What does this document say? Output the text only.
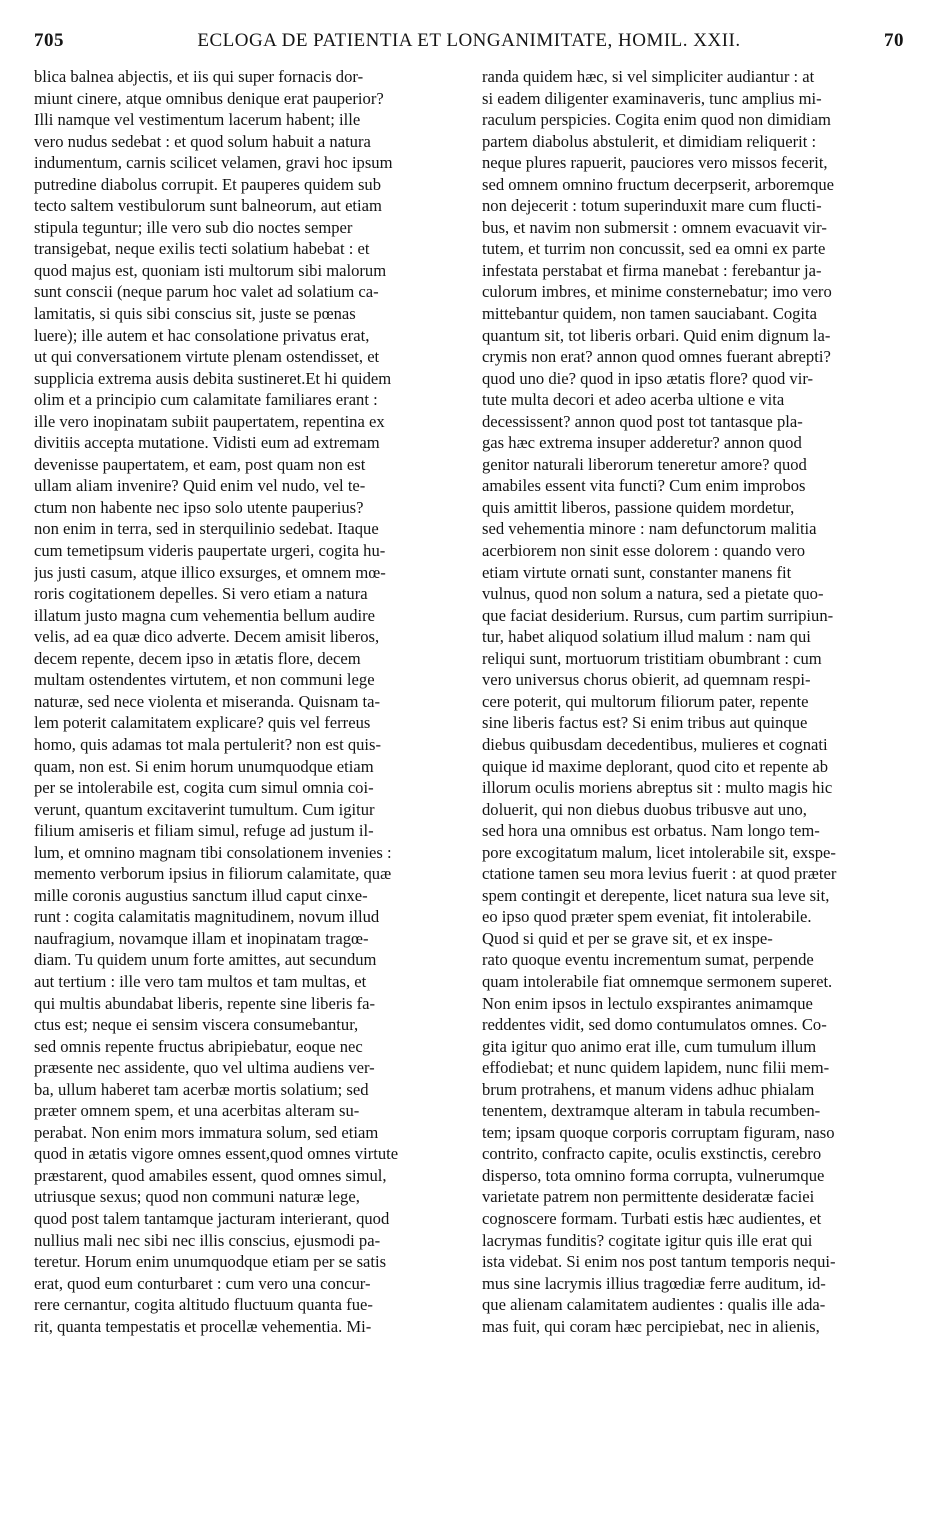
705	ECLOGA DE PATIENTIA ET LONGANIMITATE, HOMIL. XXII.	70
blica balnea abjectis, et iis qui super fornacis dor-
miunt cinere, atque omnibus denique erat pauperior?
Illi namque vel vestimentum lacerum habent; ille
vero nudus sedebat : et quod solum habuit a natura
indumentum, carnis scilicet velamen, gravi hoc ipsum
putredine diabolus corrupit. Et pauperes quidem sub
tecto saltem vestibulorum sunt balneorum, aut etiam
stipula teguntur; ille vero sub dio noctes semper
transigebat, neque exilis tecti solatium habebat : et
quod majus est, quoniam isti multorum sibi malorum
sunt conscii (neque parum hoc valet ad solatium ca-
lamitatis, si quis sibi conscius sit, juste se pœnas
luere); ille autem et hac consolatione privatus erat,
ut qui conversationem virtute plenam ostendisset, et
supplicia extrema ausis debita sustineret.Et hi quidem
olim et a principio cum calamitate familiares erant :
ille vero inopinatam subiit paupertatem, repentina ex
divitiis accepta mutatione. Vidisti eum ad extremam
devenisse paupertatem, et eam, post quam non est
ullam aliam invenire? Quid enim vel nudo, vel te-
ctum non habente nec ipso solo utente pauperius?
non enim in terra, sed in sterquilinio sedebat. Itaque
cum temetipsum videris paupertate urgeri, cogita hu-
jus justi casum, atque illico exsurges, et omnem mœ-
roris cogitationem depelles. Si vero etiam a natura
illatum justo magna cum vehementia bellum audire
velis, ad ea quæ dico adverte. Decem amisit liberos,
decem repente, decem ipso in ætatis flore, decem
multam ostendentes virtutem, et non communi lege
naturæ, sed nece violenta et miseranda. Quisnam ta-
lem poterit calamitatem explicare? quis vel ferreus
homo, quis adamas tot mala pertulerit? non est quis-
quam, non est. Si enim horum unumquodque etiam
per se intolerabile est, cogita cum simul omnia coi-
verunt, quantum excitaverint tumultum. Cum igitur
filium amiseris et filiam simul, refuge ad justum il-
lum, et omnino magnam tibi consolationem invenies :
memento verborum ipsius in filiorum calamitate, quæ
mille coronis augustius sanctum illud caput cinxe-
runt : cogita calamitatis magnitudinem, novum illud
naufragium, novamque illam et inopinatam tragœ-
diam. Tu quidem unum forte amittes, aut secundum
aut tertium : ille vero tam multos et tam multas, et
qui multis abundabat liberis, repente sine liberis fa-
ctus est; neque ei sensim viscera consumebantur,
sed omnis repente fructus abripiebatur, eoque nec
præsente nec assidente, quo vel ultima audiens ver-
ba, ullum haberet tam acerbæ mortis solatium; sed
præter omnem spem, et una acerbitas alteram su-
perabat. Non enim mors immatura solum, sed etiam
quod in ætatis vigore omnes essent,quod omnes virtute
præstarent, quod amabiles essent, quod omnes simul,
utriusque sexus; quod non communi naturæ lege,
quod post talem tantamque jacturam interierant, quod
nullius mali nec sibi nec illis conscius, ejusmodi pa-
teretur. Horum enim unumquodque etiam per se satis
erat, quod eum conturbaret : cum vero una concur-
rere cernantur, cogita altitudo fluctuum quanta fue-
rit, quanta tempestatis et procellæ vehementia. Mi-
randa quidem hæc, si vel simpliciter audiantur : at
si eadem diligenter examinaveris, tunc amplius mi-
raculum perspicies. Cogita enim quod non dimidiam
partem diabolus abstulerit, et dimidiam reliquerit :
neque plures rapuerit, pauciores vero missos fecerit,
sed omnem omnino fructum decerpserit, arboremque
non dejecerit : totum superinduxit mare cum flucti-
bus, et navim non submersit : omnem evacuavit vir-
tutem, et turrim non concussit, sed ea omni ex parte
infestata perstabat et firma manebat : ferebantur ja-
culorum imbres, et minime consternebatur; imo vero
mittebantur quidem, non tamen sauciabant. Cogita
quantum sit, tot liberis orbari. Quid enim dignum la-
crymis non erat? annon quod omnes fuerant abrepti?
quod uno die? quod in ipso ætatis flore? quod vir-
tute multa decori et adeo acerba ultione e vita
decessissent? annon quod post tot tantasque pla-
gas hæc extrema insuper adderetur? annon quod
genitor naturali liberorum teneretur amore? quod
amabiles essent vita functi? Cum enim improbos
quis amittit liberos, passione quidem mordetur,
sed vehementia minore : nam defunctorum malitia
acerbiorem non sinit esse dolorem : quando vero
etiam virtute ornati sunt, constanter manens fit
vulnus, quod non solum a natura, sed a pietate quo-
que faciat desiderium. Rursus, cum partim surripiun-
tur, habet aliquod solatium illud malum : nam qui
reliqui sunt, mortuorum tristitiam obumbrant : cum
vero universus chorus obierit, ad quemnam respi-
cere poterit, qui multorum filiorum pater, repente
sine liberis factus est? Si enim tribus aut quinque
diebus quibusdam decedentibus, mulieres et cognati
quique id maxime deplorant, quod cito et repente ab
illorum oculis moriens abreptus sit : multo magis hic
doluerit, qui non diebus duobus tribusve aut uno,
sed hora una omnibus est orbatus. Nam longo tem-
pore excogitatum malum, licet intolerabile sit, exspe-
ctatione tamen seu mora levius fuerit : at quod præter
spem contingit et derepente, licet natura sua leve sit,
eo ipso quod præter spem eveniat, fit intolerabile.
Quod si quid et per se grave sit, et ex inspe-
rato quoque eventu incrementum sumat, perpende
quam intolerabile fiat omnemque sermonem superet.
Non enim ipsos in lectulo exspirantes animamque
reddentes vidit, sed domo contumulatos omnes. Co-
gita igitur quo animo erat ille, cum tumulum illum
effodiebat; et nunc quidem lapidem, nunc filii mem-
brum protrahens, et manum videns adhuc phialam
tenentem, dextramque alteram in tabula recumben-
tem; ipsam quoque corporis corruptam figuram, naso
contrito, confracto capite, oculis exstinctis, cerebro
disperso, tota omnino forma corrupta, vulnerumque
varietate patrem non permittente desideratæ faciei
cognoscere formam. Turbati estis hæc audientes, et
lacrymas funditis? cogitate igitur quis ille erat qui
ista videbat. Si enim nos post tantum temporis nequi-
mus sine lacrymis illius tragœdiæ ferre auditum, id-
que alienam calamitatem audientes : qualis ille ada-
mas fuit, qui coram hæc percipiebat, nec in alienis,
